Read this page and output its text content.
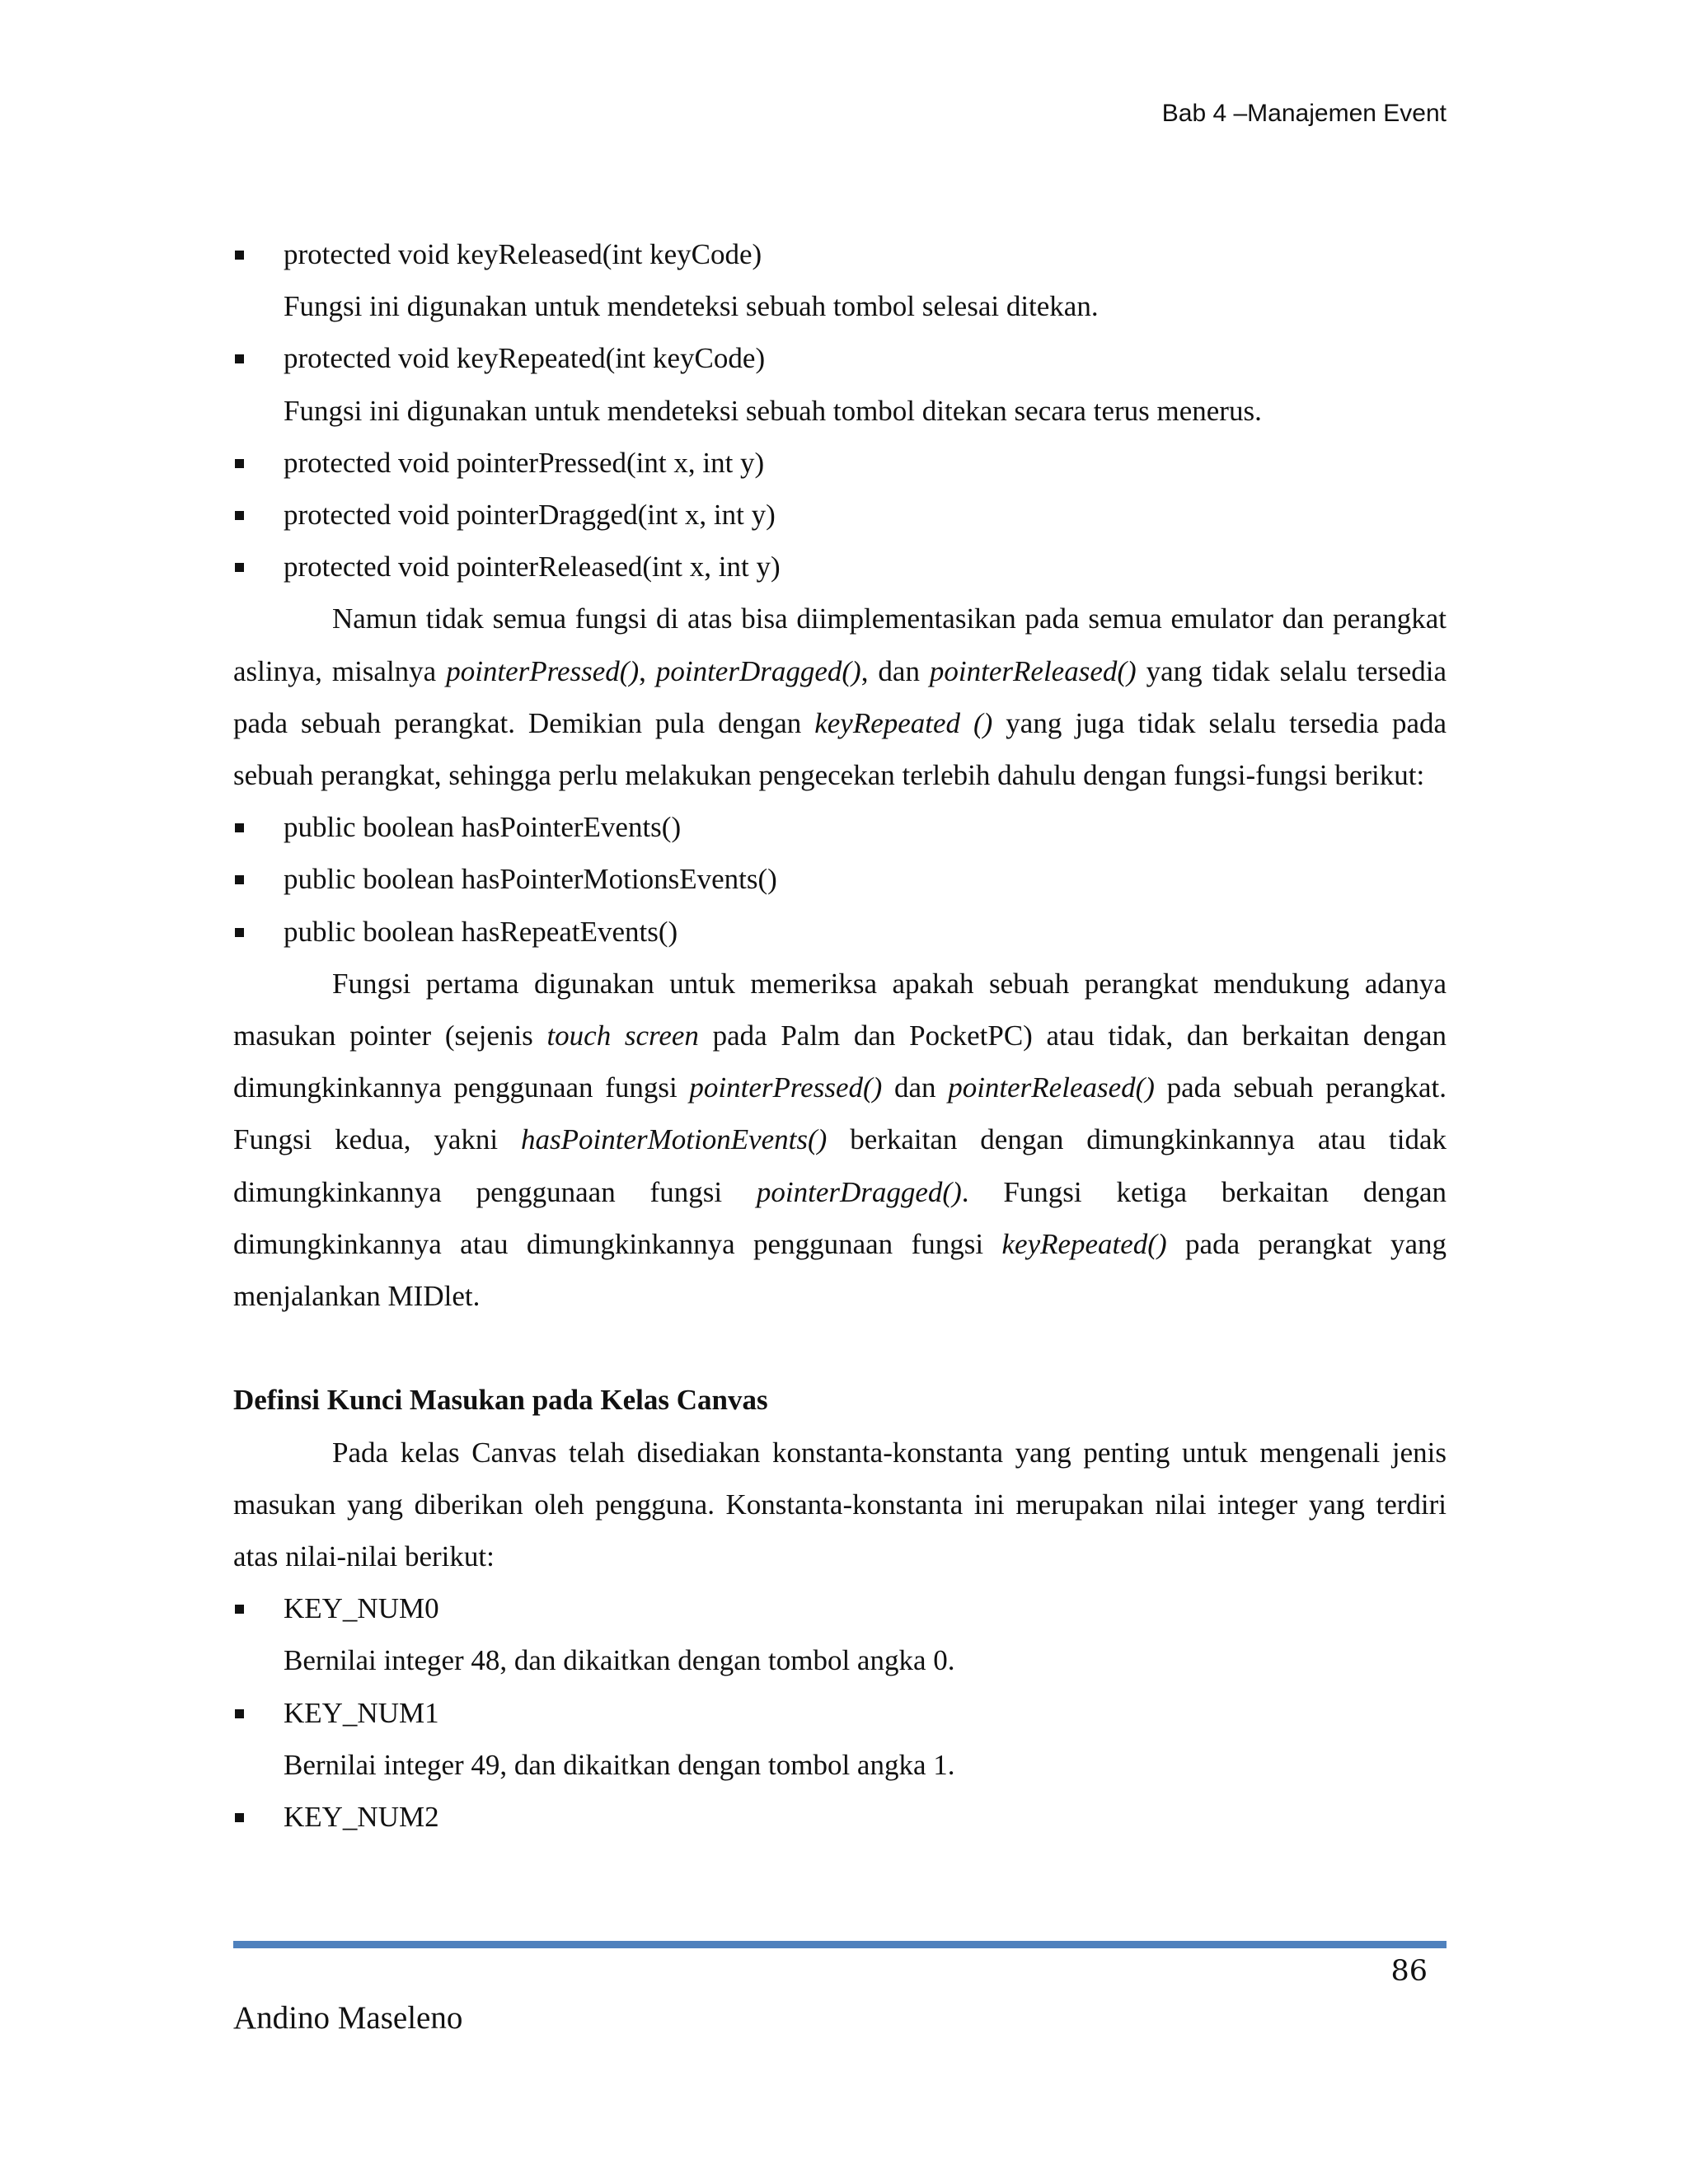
Bab 4 –Manajemen Event
protected void keyReleased(int keyCode)
Fungsi ini digunakan untuk mendeteksi sebuah tombol selesai ditekan.
protected void keyRepeated(int keyCode)
Fungsi ini digunakan untuk mendeteksi sebuah tombol ditekan secara terus menerus.
protected void pointerPressed(int x, int y)
protected void pointerDragged(int x, int y)
protected void pointerReleased(int x, int y)

Namun tidak semua fungsi di atas bisa diimplementasikan pada semua emulator dan perangkat aslinya, misalnya pointerPressed(), pointerDragged(), dan pointerReleased() yang tidak selalu tersedia pada sebuah perangkat. Demikian pula dengan keyRepeated () yang juga tidak selalu tersedia pada sebuah perangkat, sehingga perlu melakukan pengecekan terlebih dahulu dengan fungsi-fungsi berikut:

public boolean hasPointerEvents()
public boolean hasPointerMotionsEvents()
public boolean hasRepeatEvents()

Fungsi pertama digunakan untuk memeriksa apakah sebuah perangkat mendukung adanya masukan pointer (sejenis touch screen pada Palm dan PocketPC) atau tidak, dan berkaitan dengan dimungkinkannya penggunaan fungsi pointerPressed() dan pointerReleased() pada sebuah perangkat. Fungsi kedua, yakni hasPointerMotionEvents() berkaitan dengan dimungkinkannya atau tidak dimungkinkannya penggunaan fungsi pointerDragged(). Fungsi ketiga berkaitan dengan dimungkinkannya atau dimungkinkannya penggunaan fungsi keyRepeated() pada perangkat yang menjalankan MIDlet.

Definsi Kunci Masukan pada Kelas Canvas

Pada kelas Canvas telah disediakan konstanta-konstanta yang penting untuk mengenali jenis masukan yang diberikan oleh pengguna. Konstanta-konstanta ini merupakan nilai integer yang terdiri atas nilai-nilai berikut:

KEY_NUM0
Bernilai integer 48, dan dikaitkan dengan tombol angka 0.
KEY_NUM1
Bernilai integer 49, dan dikaitkan dengan tombol angka 1.
KEY_NUM2
86
Andino Maseleno
